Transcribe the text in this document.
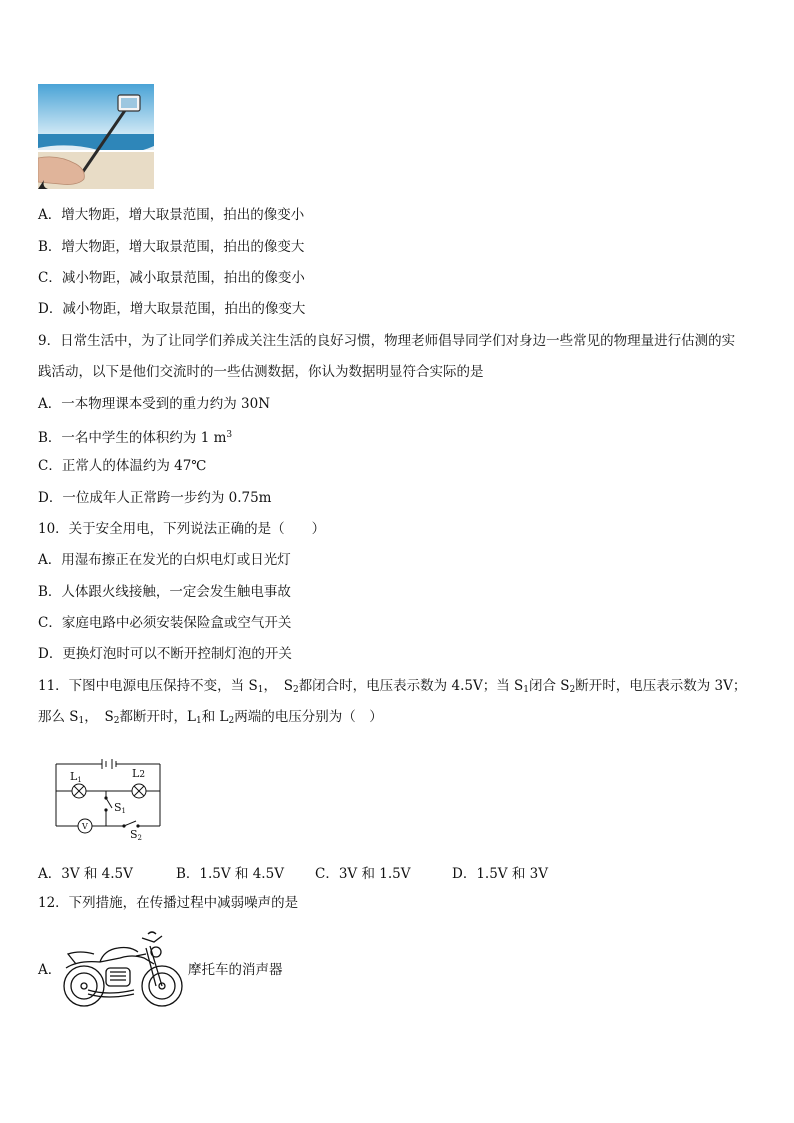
A．增大物距，增大取景范围，拍出的像变小

B．增大物距，增大取景范围，拍出的像变大

C．减小物距，减小取景范围，拍出的像变小

D．减小物距，增大取景范围，拍出的像变大

9．日常生活中，为了让同学们养成关注生活的良好习惯，物理老师倡导同学们对身边一些常见的物理量进行估测的实

践活动，以下是他们交流时的一些估测数据，你认为数据明显符合实际的是

A．一本物理课本受到的重力约为 30N

B．一名中学生的体积约为 1 $m^3$

C．正常人的体温约为 47℃

D．一位成年人正常跨一步约为 0.75m

10．关于安全用电，下列说法正确的是（　　）

A．用湿布擦正在发光的白炽电灯或日光灯

B．人体跟火线接触，一定会发生触电事故

C．家庭电路中必须安装保险盒或空气开关

D．更换灯泡时可以不断开控制灯泡的开关

11．下图中电源电压保持不变，当 $S_1$，　$S_2$都闭合时，电压表示数为 4.5V；当 $S_1$闭合 $S_2$断开时，电压表示数为 3V；

那么 $S_1$，　$S_2$都断开时，$L_1$和 $L_2$两端的电压分别为（　）

L1	L2
S1
S2
V
A．3V 和 4.5V	B．1.5V 和 4.5V C．3V 和 1.5V	D．1.5V 和 3V

12．下列措施，在传播过程中减弱噪声的是

A．	摩托车的消声器
